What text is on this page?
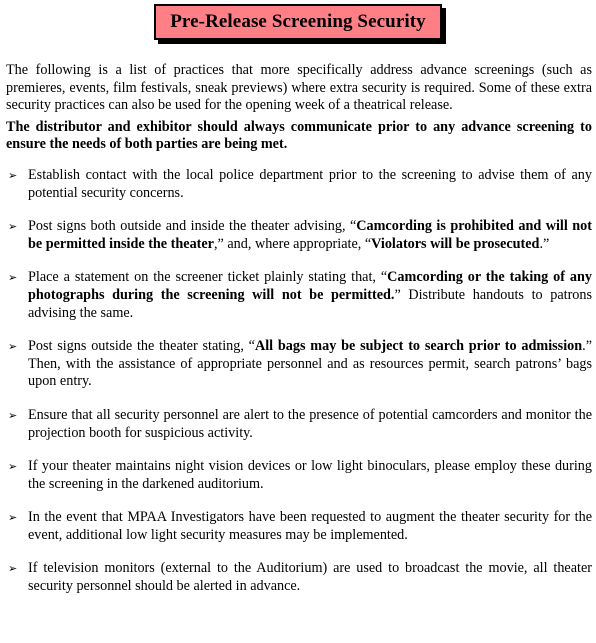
Pre-Release Screening Security

The following is a list of practices that more specifically address advance screenings (such as premieres, events, film festivals, sneak previews) where extra security is required. Some of these extra security practices can also be used for the opening week of a theatrical release.

The distributor and exhibitor should always communicate prior to any advance screening to ensure the needs of both parties are being met.

➢ Establish contact with the local police department prior to the screening to advise them of any potential security concerns.
➢ Post signs both outside and inside the theater advising, “Camcording is prohibited and will not be permitted inside the theater,” and, where appropriate, “Violators will be prosecuted.”
➢ Place a statement on the screener ticket plainly stating that, “Camcording or the taking of any photographs during the screening will not be permitted.” Distribute handouts to patrons advising the same.
➢ Post signs outside the theater stating, “All bags may be subject to search prior to admission.” Then, with the assistance of appropriate personnel and as resources permit, search patrons’ bags upon entry.
➢ Ensure that all security personnel are alert to the presence of potential camcorders and monitor the projection booth for suspicious activity.
➢ If your theater maintains night vision devices or low light binoculars, please employ these during the screening in the darkened auditorium.
➢ In the event that MPAA Investigators have been requested to augment the theater security for the event, additional low light security measures may be implemented.
➢ If television monitors (external to the Auditorium) are used to broadcast the movie, all theater security personnel should be alerted in advance.
